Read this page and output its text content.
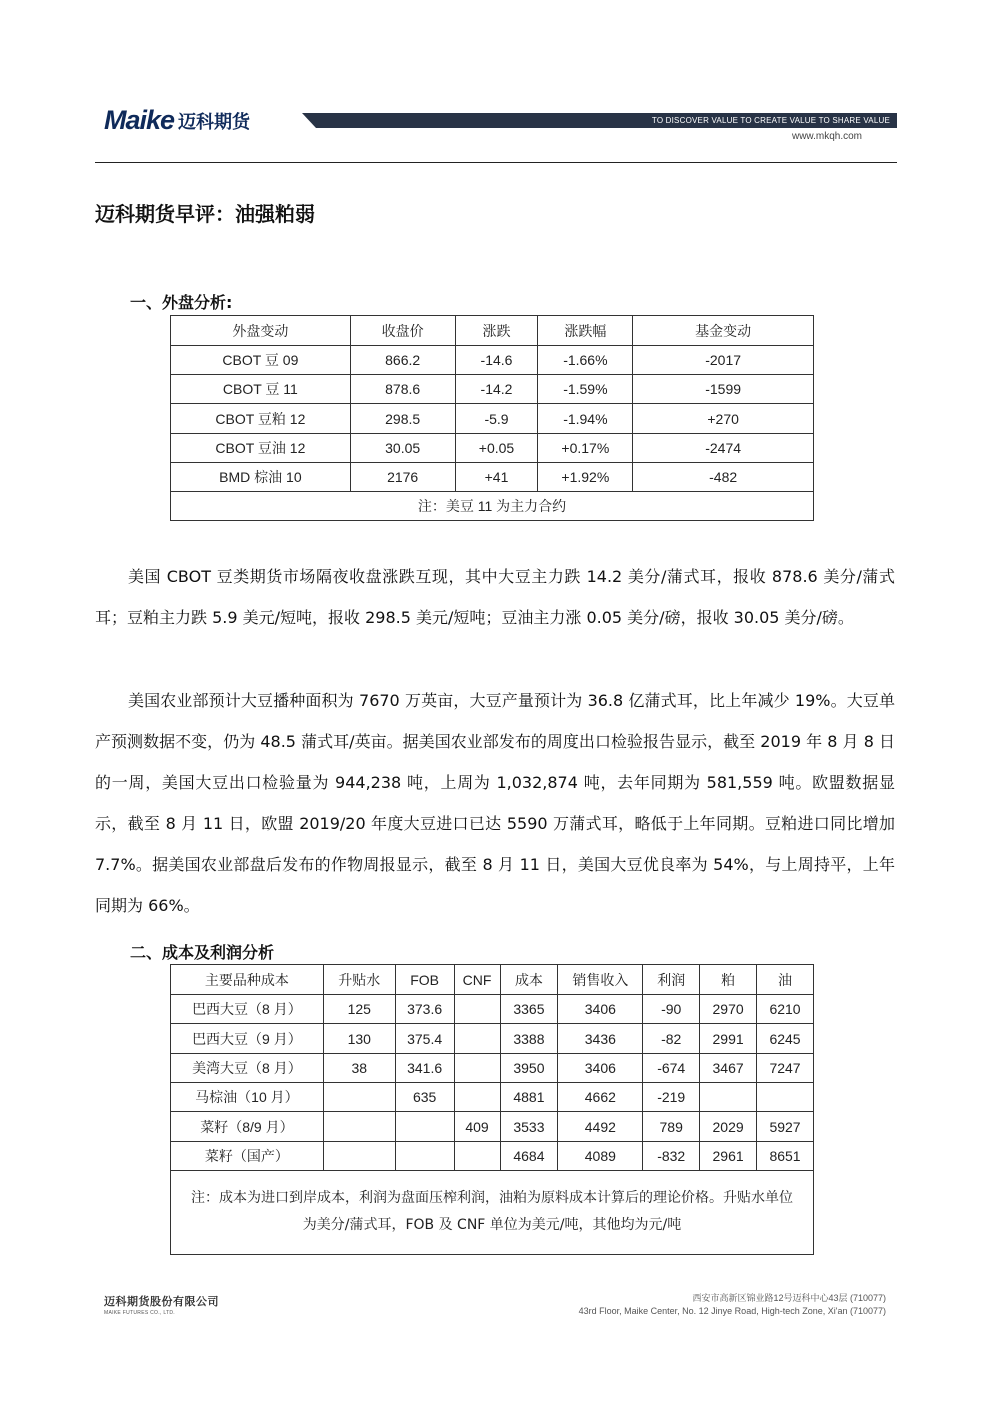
Maike 迈科期货	TO DISCOVER VALUE TO CREATE VALUE TO SHARE VALUE
www.mkqh.com
迈科期货早评：油强粕弱
一、外盘分析:
外盘变动	收盘价	涨跌	涨跌幅	基金变动
CBOT 豆 09	866.2	-14.6	-1.66%	-2017
CBOT 豆 11	878.6	-14.2	-1.59%	-1599
CBOT 豆粕 12	298.5	-5.9	-1.94%	+270
CBOT 豆油 12	30.05	+0.05	+0.17%	-2474
BMD 棕油 10	2176	+41	+1.92%	-482
注：美豆 11 为主力合约				

美国 CBOT 豆类期货市场隔夜收盘涨跌互现，其中大豆主力跌 14.2 美分/蒲式耳，报收 878.6 美分/蒲式耳；豆粕主力跌 5.9 美元/短吨，报收 298.5 美元/短吨；豆油主力涨 0.05 美分/磅，报收 30.05 美分/磅。

美国农业部预计大豆播种面积为 7670 万英亩，大豆产量预计为 36.8 亿蒲式耳，比上年减少 19%。大豆单产预测数据不变，仍为 48.5 蒲式耳/英亩。据美国农业部发布的周度出口检验报告显示，截至 2019 年 8 月 8 日的一周，美国大豆出口检验量为 944,238 吨，上周为 1,032,874 吨，去年同期为 581,559 吨。欧盟数据显示，截至 8 月 11 日，欧盟 2019/20 年度大豆进口已达 5590 万蒲式耳，略低于上年同期。豆粕进口同比增加 7.7%。据美国农业部盘后发布的作物周报显示，截至 8 月 11 日，美国大豆优良率为 54%，与上周持平，上年同期为 66%。

二、成本及利润分析
主要品种成本	升贴水	FOB	CNF	成本	销售收入	利润	粕	油
巴西大豆（8 月）	125	373.6		3365	3406	-90	2970	6210
巴西大豆（9 月）	130	375.4		3388	3436	-82	2991	6245
美湾大豆（8 月）	38	341.6		3950	3406	-674	3467	7247
马棕油（10 月）		635		4881	4662	-219		
菜籽（8/9 月）			409	3533	4492	789	2029	5927
菜籽（国产）				4684	4089	-832	2961	8651

注：成本为进口到岸成本，利润为盘面压榨利润，油粕为原料成本计算后的理论价格。升贴水单位
为美分/蒲式耳，FOB 及 CNF 单位为美元/吨，其他均为元/吨								
迈科期货股份有限公司
MAIKE FUTURES CO., LTD.
西安市高新区锦业路12号迈科中心43层 (710077)
43rd Floor, Maike Center, No. 12 Jinye Road, High-tech Zone, Xi'an (710077)
